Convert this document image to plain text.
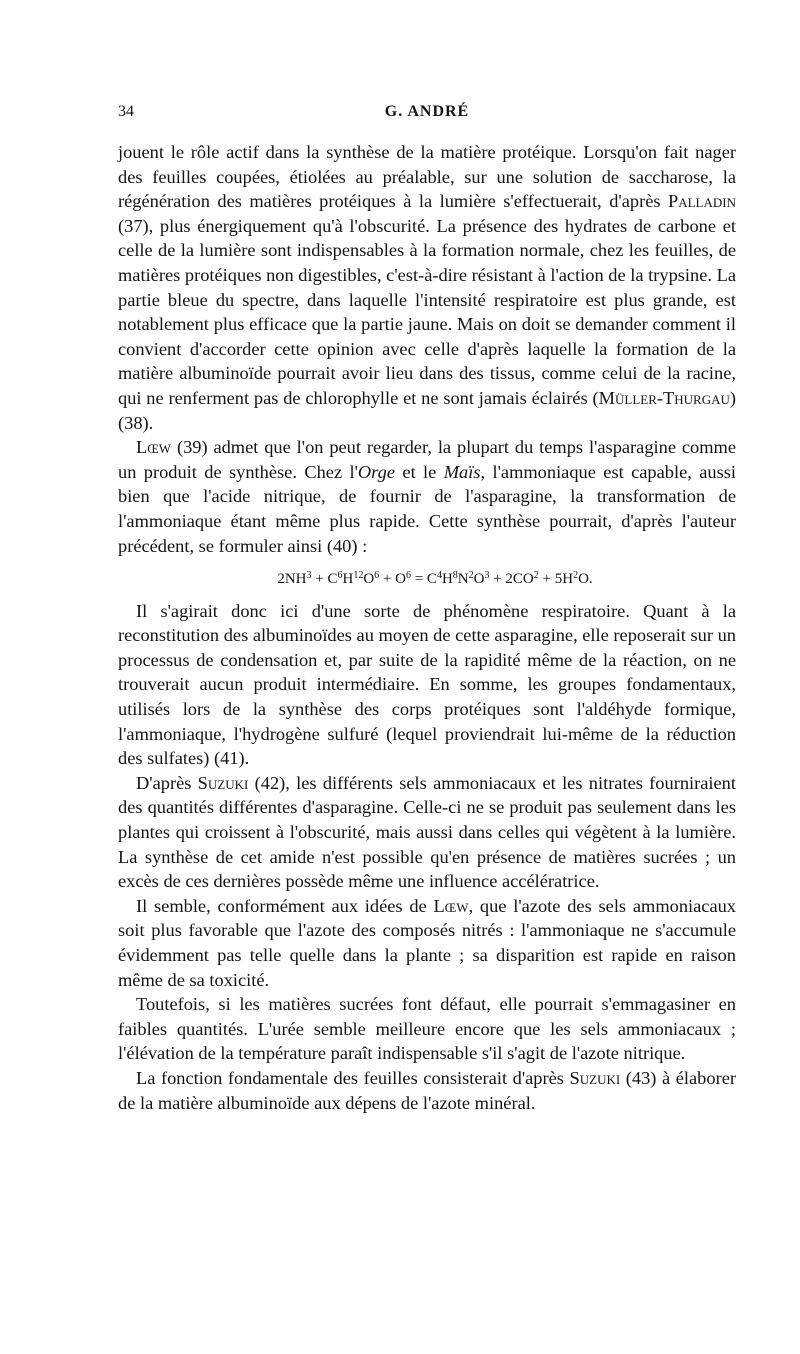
34	G. ANDRÉ

jouent le rôle actif dans la synthèse de la matière protéique. Lorsqu'on fait nager des feuilles coupées, étiolées au préalable, sur une solution de saccharose, la régénération des matières protéiques à la lumière s'effectuerait, d'après Palladin (37), plus énergiquement qu'à l'obscurité. La présence des hydrates de carbone et celle de la lumière sont indispensables à la formation normale, chez les feuilles, de matières protéiques non digestibles, c'est-à-dire résistant à l'action de la trypsine. La partie bleue du spectre, dans laquelle l'intensité respiratoire est plus grande, est notablement plus efficace que la partie jaune. Mais on doit se demander comment il convient d'accorder cette opinion avec celle d'après laquelle la formation de la matière albuminoïde pourrait avoir lieu dans des tissus, comme celui de la racine, qui ne renferment pas de chlorophylle et ne sont jamais éclairés (Müller-Thurgau) (38).

Lœw (39) admet que l'on peut regarder, la plupart du temps l'asparagine comme un produit de synthèse. Chez l'Orge et le Maïs, l'ammoniaque est capable, aussi bien que l'acide nitrique, de fournir de l'asparagine, la transformation de l'ammoniaque étant même plus rapide. Cette synthèse pourrait, d'après l'auteur précédent, se formuler ainsi (40) :

$2NH^3 + C^6H^{12}O^6 + O^6 = C^4H^8N^2O^3 + 2CO^2 + 5H^2O$.

Il s'agirait donc ici d'une sorte de phénomène respiratoire. Quant à la reconstitution des albuminoïdes au moyen de cette asparagine, elle reposerait sur un processus de condensation et, par suite de la rapidité même de la réaction, on ne trouverait aucun produit intermédiaire. En somme, les groupes fondamentaux, utilisés lors de la synthèse des corps protéiques sont l'aldéhyde formique, l'ammoniaque, l'hydrogène sulfuré (lequel proviendrait lui-même de la réduction des sulfates) (41).

D'après Suzuki (42), les différents sels ammoniacaux et les nitrates fourniraient des quantités différentes d'asparagine. Celle-ci ne se produit pas seulement dans les plantes qui croissent à l'obscurité, mais aussi dans celles qui végètent à la lumière. La synthèse de cet amide n'est possible qu'en présence de matières sucrées ; un excès de ces dernières possède même une influence accélératrice.

Il semble, conformément aux idées de Lœw, que l'azote des sels ammoniacaux soit plus favorable que l'azote des composés nitrés : l'ammoniaque ne s'accumule évidemment pas telle quelle dans la plante ; sa disparition est rapide en raison même de sa toxicité.

Toutefois, si les matières sucrées font défaut, elle pourrait s'emmagasiner en faibles quantités. L'urée semble meilleure encore que les sels ammoniacaux ; l'élévation de la température paraît indispensable s'il s'agit de l'azote nitrique.

La fonction fondamentale des feuilles consisterait d'après Suzuki (43) à élaborer de la matière albuminoïde aux dépens de l'azote minéral.
